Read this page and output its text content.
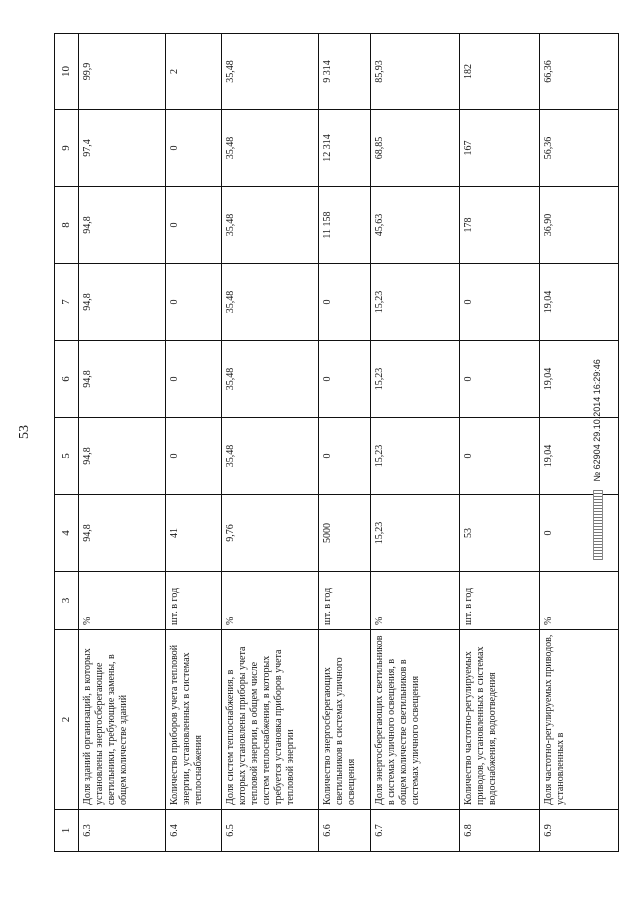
53
1	2	3	4	5	6	7	8	9	10
6.3	Доля зданий организаций, в которых установлены энергосберегающие светильники, требующие замены, в общем количестве зданий	%	94,8	94,8	94,8	94,8	94,8	97,4	99,9
6.4	Количество приборов учета тепловой энергии, установленных в системах теплоснабжения	шт. в год	41	0	0	0	0	0	2
6.5	Доля систем теплоснабжения, в которых установлены приборы учета тепловой энергии, в общем числе систем теплоснабжения, в которых требуется установка приборов учета тепловой энергии	%	9,76	35,48	35,48	35,48	35,48	35,48	35,48
6.6	Количество энергосберегающих светильников в системах уличного освещения	шт. в год	5000	0	0	0	11 158	12 314	9 314
6.7	Доля энергосберегающих светильников в системах уличного освещения, в общем количестве светильников в системах уличного освещения	%	15,23	15,23	15,23	15,23	45,63	68,85	85,93
6.8	Количество частотно-регулируемых приводов, установленных в системах водоснабжения, водоотведения	шт. в год	53	0	0	0	178	167	182
6.9	Доля частотно-регулируемых приводов, установленных в	%	0	19,04	19,04	19,04	36,90	56,36	66,36
№ 62904 29.10.2014 16:29:46
